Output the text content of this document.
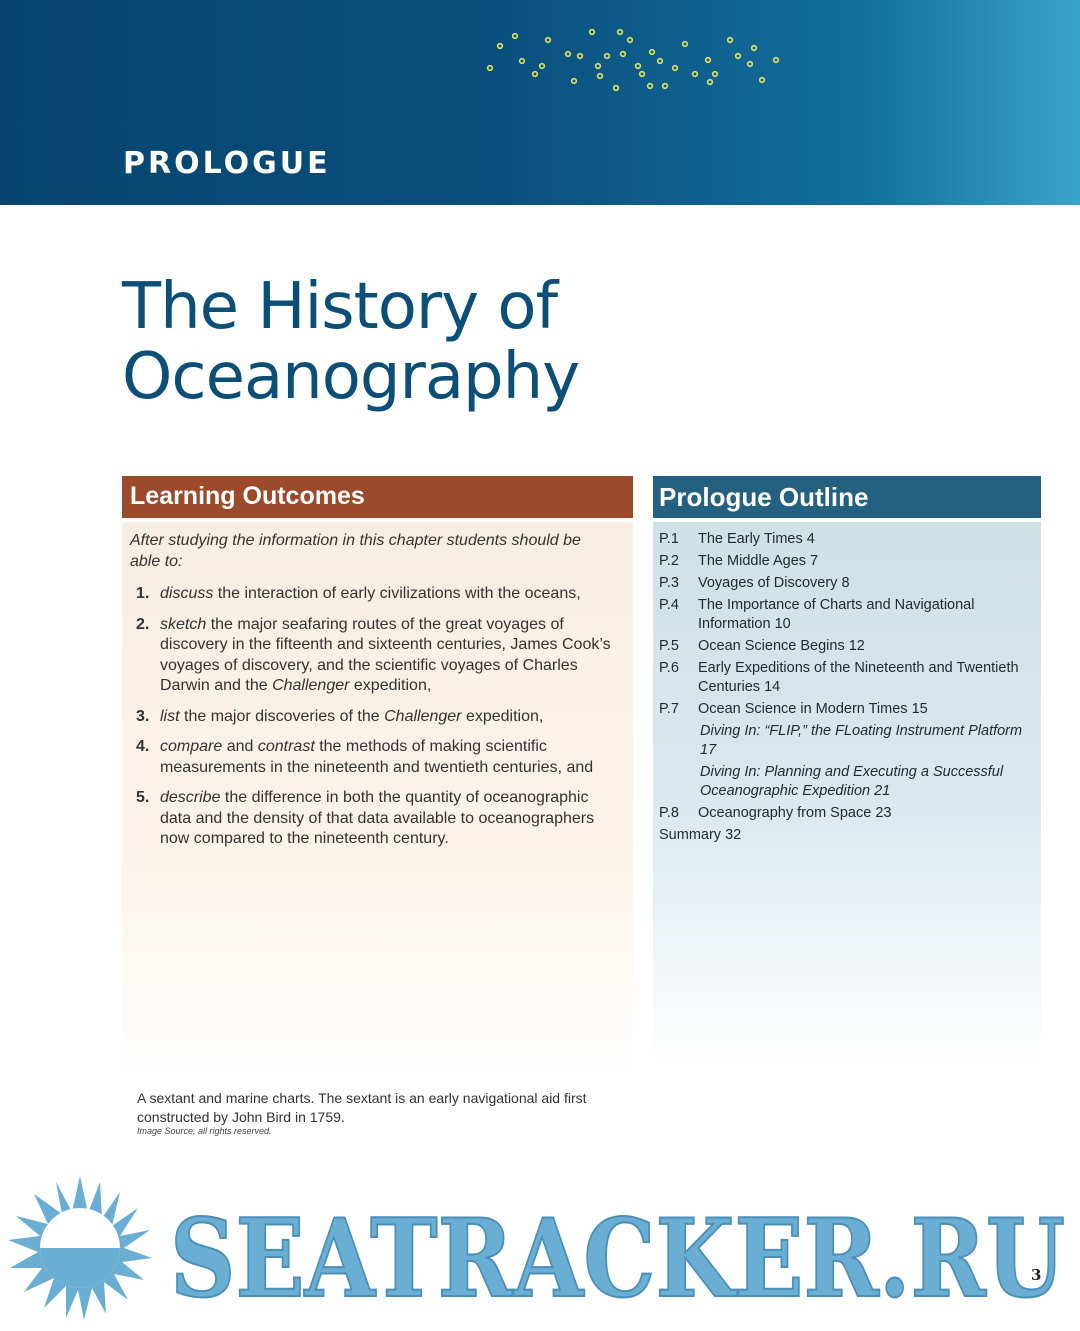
PROLOGUE
The History of
Oceanography
Learning Outcomes

After studying the information in this chapter students should be able to:

1. discuss the interaction of early civilizations with the oceans,
2. sketch the major seafaring routes of the great voyages of discovery in the fifteenth and sixteenth centuries, James Cook’s voyages of discovery, and the scientific voyages of Charles Darwin and the Challenger expedition,
3. list the major discoveries of the Challenger expedition,
4. compare and contrast the methods of making scientific measurements in the nineteenth and twentieth centuries, and
5. describe the difference in both the quantity of oceanographic data and the density of that data available to oceanographers now compared to the nineteenth century.
Prologue Outline
P.1 The Early Times 4
P.2 The Middle Ages 7
P.3 Voyages of Discovery 8
P.4 The Importance of Charts and Navigational Information 10
P.5 Ocean Science Begins 12
P.6 Early Expeditions of the Nineteenth and Twentieth Centuries 14
P.7 Ocean Science in Modern Times 15
Diving In: “FLIP,” the FLoating Instrument Platform 17
Diving In: Planning and Executing a Successful Oceanographic Expedition 21
P.8 Oceanography from Space 23
Summary 32

A sextant and marine charts. The sextant is an early navigational aid first constructed by John Bird in 1759.

Image Source, all rights reserved.

SEATRACKER.RU

3
